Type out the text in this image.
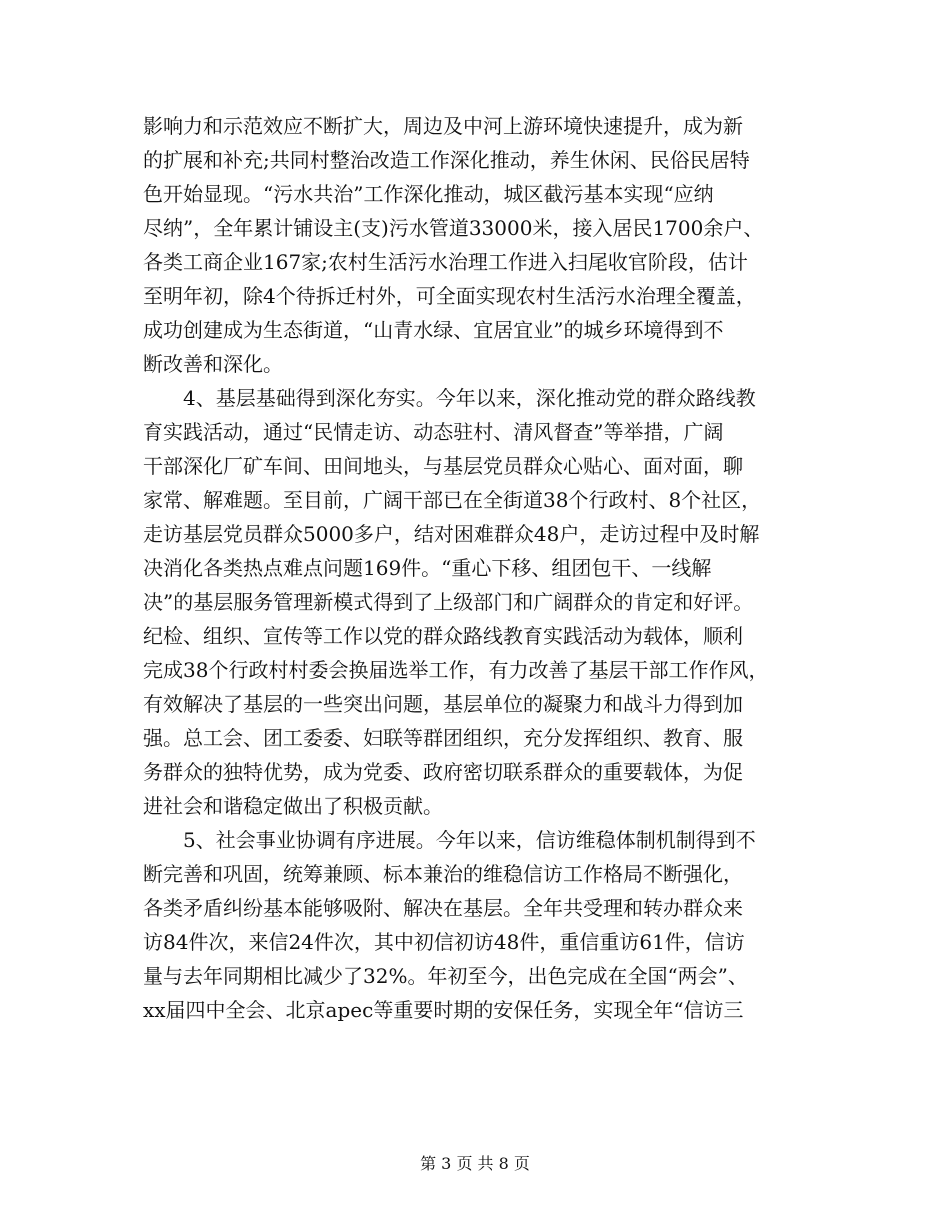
影响力和示范效应不断扩大，周边及中河上游环境快速提升，成为新
的扩展和补充;共同村整治改造工作深化推动，养生休闲、民俗民居特
色开始显现。“污水共治”工作深化推动，城区截污基本实现“应纳
尽纳”，全年累计铺设主(支)污水管道33000米，接入居民1700余户、
各类工商企业167家;农村生活污水治理工作进入扫尾收官阶段，估计
至明年初，除4个待拆迁村外，可全面实现农村生活污水治理全覆盖，
成功创建成为生态街道，“山青水绿、宜居宜业”的城乡环境得到不
断改善和深化。
　　4、基层基础得到深化夯实。今年以来，深化推动党的群众路线教
育实践活动，通过“民情走访、动态驻村、清风督查”等举措，广阔
干部深化厂矿车间、田间地头，与基层党员群众心贴心、面对面，聊
家常、解难题。至目前，广阔干部已在全街道38个行政村、8个社区，
走访基层党员群众5000多户，结对困难群众48户，走访过程中及时解
决消化各类热点难点问题169件。“重心下移、组团包干、一线解
决”的基层服务管理新模式得到了上级部门和广阔群众的肯定和好评。
纪检、组织、宣传等工作以党的群众路线教育实践活动为载体，顺利
完成38个行政村村委会换届选举工作，有力改善了基层干部工作作风，
有效解决了基层的一些突出问题，基层单位的凝聚力和战斗力得到加
强。总工会、团工委委、妇联等群团组织，充分发挥组织、教育、服
务群众的独特优势，成为党委、政府密切联系群众的重要载体，为促
进社会和谐稳定做出了积极贡献。
　　5、社会事业协调有序进展。今年以来，信访维稳体制机制得到不
断完善和巩固，统筹兼顾、标本兼治的维稳信访工作格局不断强化，
各类矛盾纠纷基本能够吸附、解决在基层。全年共受理和转办群众来
访84件次，来信24件次，其中初信初访48件，重信重访61件，信访
量与去年同期相比减少了32%。年初至今，出色完成在全国“两会”、
xx届四中全会、北京apec等重要时期的安保任务，实现全年“信访三
第 3 页 共 8 页
